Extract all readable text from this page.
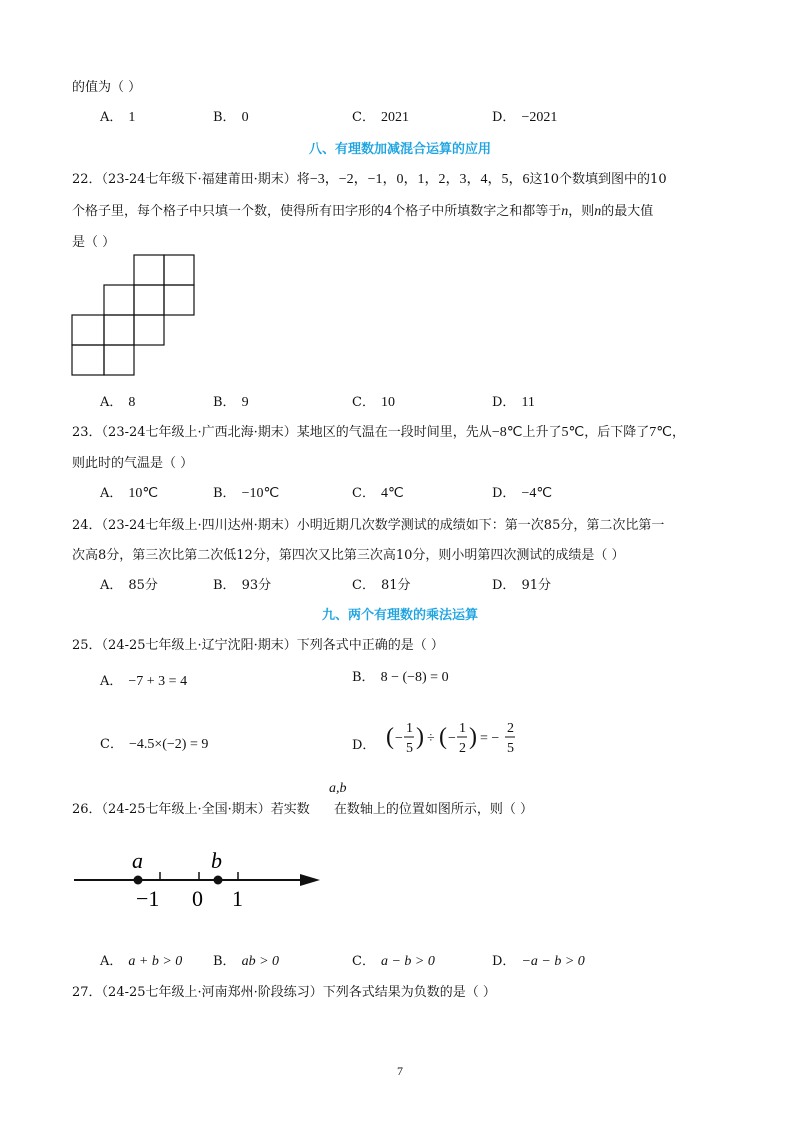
的值为（ ）
A． 1	B． 0	C． 2021	D． −2021
八、有理数加减混合运算的应用
22．（23-24七年级下·福建莆田·期末）将−3，−2，−1，0，1，2，3，4，5，6这10个数填到图中的10
个格子里，每个格子中只填一个数，使得所有田字形的4个格子中所填数字之和都等于n，则n的最大值
是（ ）
A． 8	B． 9	C． 10	D． 11
23．（23-24七年级上·广西北海·期末）某地区的气温在一段时间里，先从−8℃上升了5℃，后下降了7℃，
则此时的气温是（ ）
A． 10℃	B． −10℃	C． 4℃	D． −4℃
24．（23-24七年级上·四川达州·期末）小明近期几次数学测试的成绩如下：第一次85分，第二次比第一
次高8分，第三次比第二次低12分，第四次又比第三次高10分，则小明第四次测试的成绩是（ ）
A． 85分	B． 93分	C． 81分	D． 91分
九、两个有理数的乘法运算
25．（24-25七年级上·辽宁沈阳·期末）下列各式中正确的是（ ）
A． −7 + 3 = 4	B． 8 − (−8) = 0
C． −4.5×(−2) = 9	D． ( −
1
5 ) ÷ ( −
1
2 ) = −
2
5
a,b
26．（24-25七年级上·全国·期末）若实数 在数轴上的位置如图所示，则（ ）
a	b
−1 0 1
A． a + b > 0 B． ab > 0	C． a − b > 0	D． −a − b > 0
27．（24-25七年级上·河南郑州·阶段练习）下列各式结果为负数的是（ ）
7
